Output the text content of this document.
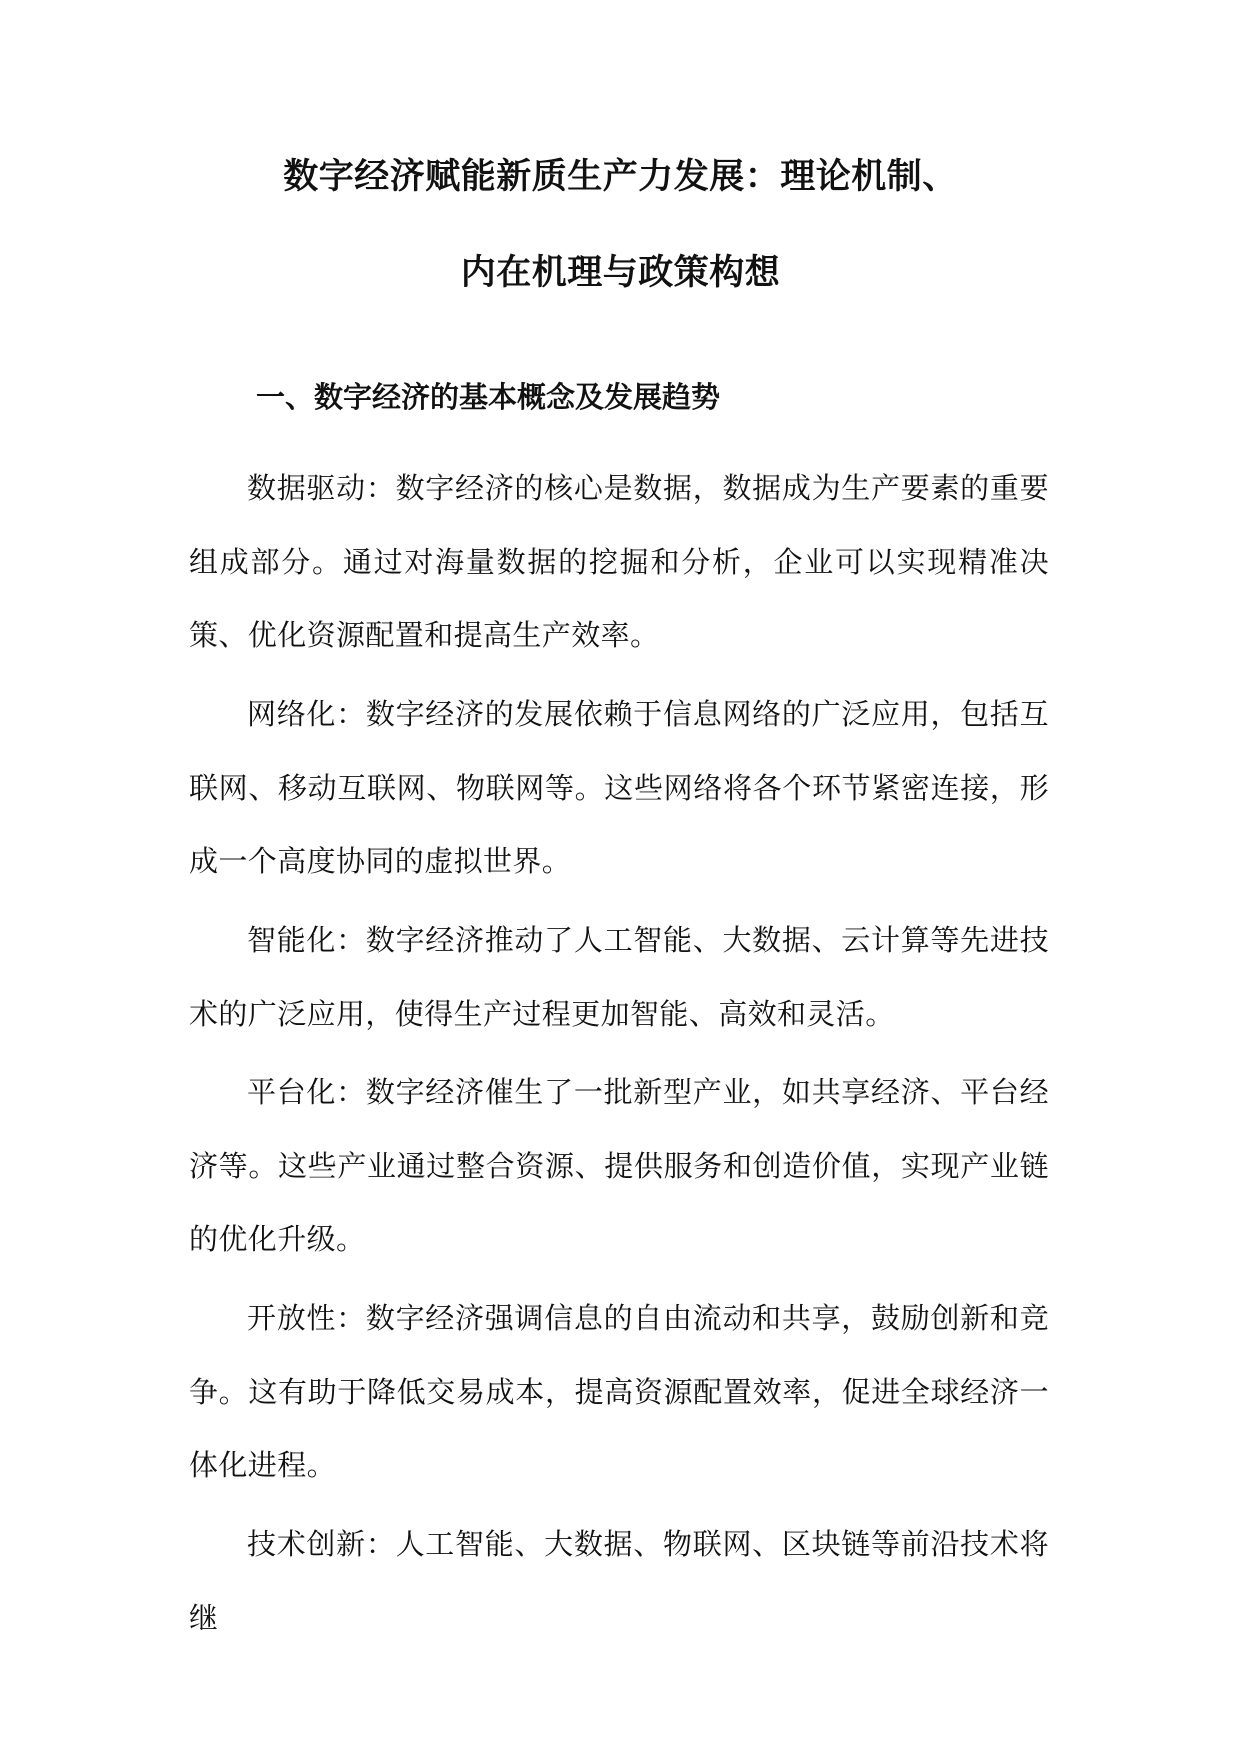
数字经济赋能新质生产力发展：理论机制、
内在机理与政策构想
一、数字经济的基本概念及发展趋势

数据驱动：数字经济的核心是数据，数据成为生产要素的重要组成部分。通过对海量数据的挖掘和分析，企业可以实现精准决策、优化资源配置和提高生产效率。

网络化：数字经济的发展依赖于信息网络的广泛应用，包括互联网、移动互联网、物联网等。这些网络将各个环节紧密连接，形成一个高度协同的虚拟世界。

智能化：数字经济推动了人工智能、大数据、云计算等先进技术的广泛应用，使得生产过程更加智能、高效和灵活。

平台化：数字经济催生了一批新型产业，如共享经济、平台经济等。这些产业通过整合资源、提供服务和创造价值，实现产业链的优化升级。

开放性：数字经济强调信息的自由流动和共享，鼓励创新和竞争。这有助于降低交易成本，提高资源配置效率，促进全球经济一体化进程。

技术创新：人工智能、大数据、物联网、区块链等前沿技术将继
